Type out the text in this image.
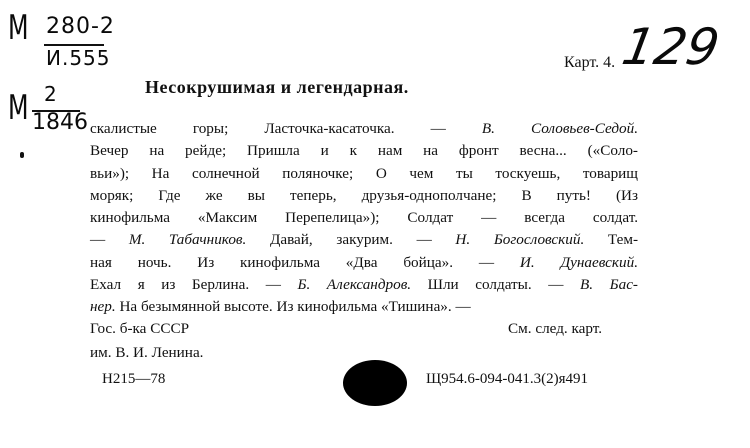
М 280-2
И.555
М 2
1846
129
Карт. 4.
Несокрушимая и легендарная.
скалистые горы; Ласточка-касаточка. — В. Соловьев-Седой.
Вечер на рейде; Пришла и к нам на фронт весна... («Соло-
вьи»); На солнечной поляночке; О чем ты тоскуешь, товарищ
моряк; Где же вы теперь, друзья-однополчане; В путь! (Из
кинофильма «Максим Перепелица»); Солдат — всегда солдат.
— М. Табачников. Давай, закурим. — Н. Богословский. Тем-
ная ночь. Из кинофильма «Два бойца». — И. Дунаевский.
Ехал я из Берлина. — Б. Александров. Шли солдаты. — В. Бас-
нер. На безымянной высоте. Из кинофильма «Тишина». —
Гос. б-ка СССР
им. В. И. Ленина.
См. след. карт.
Н215—78	Щ954.6-094-041.3(2)я491
